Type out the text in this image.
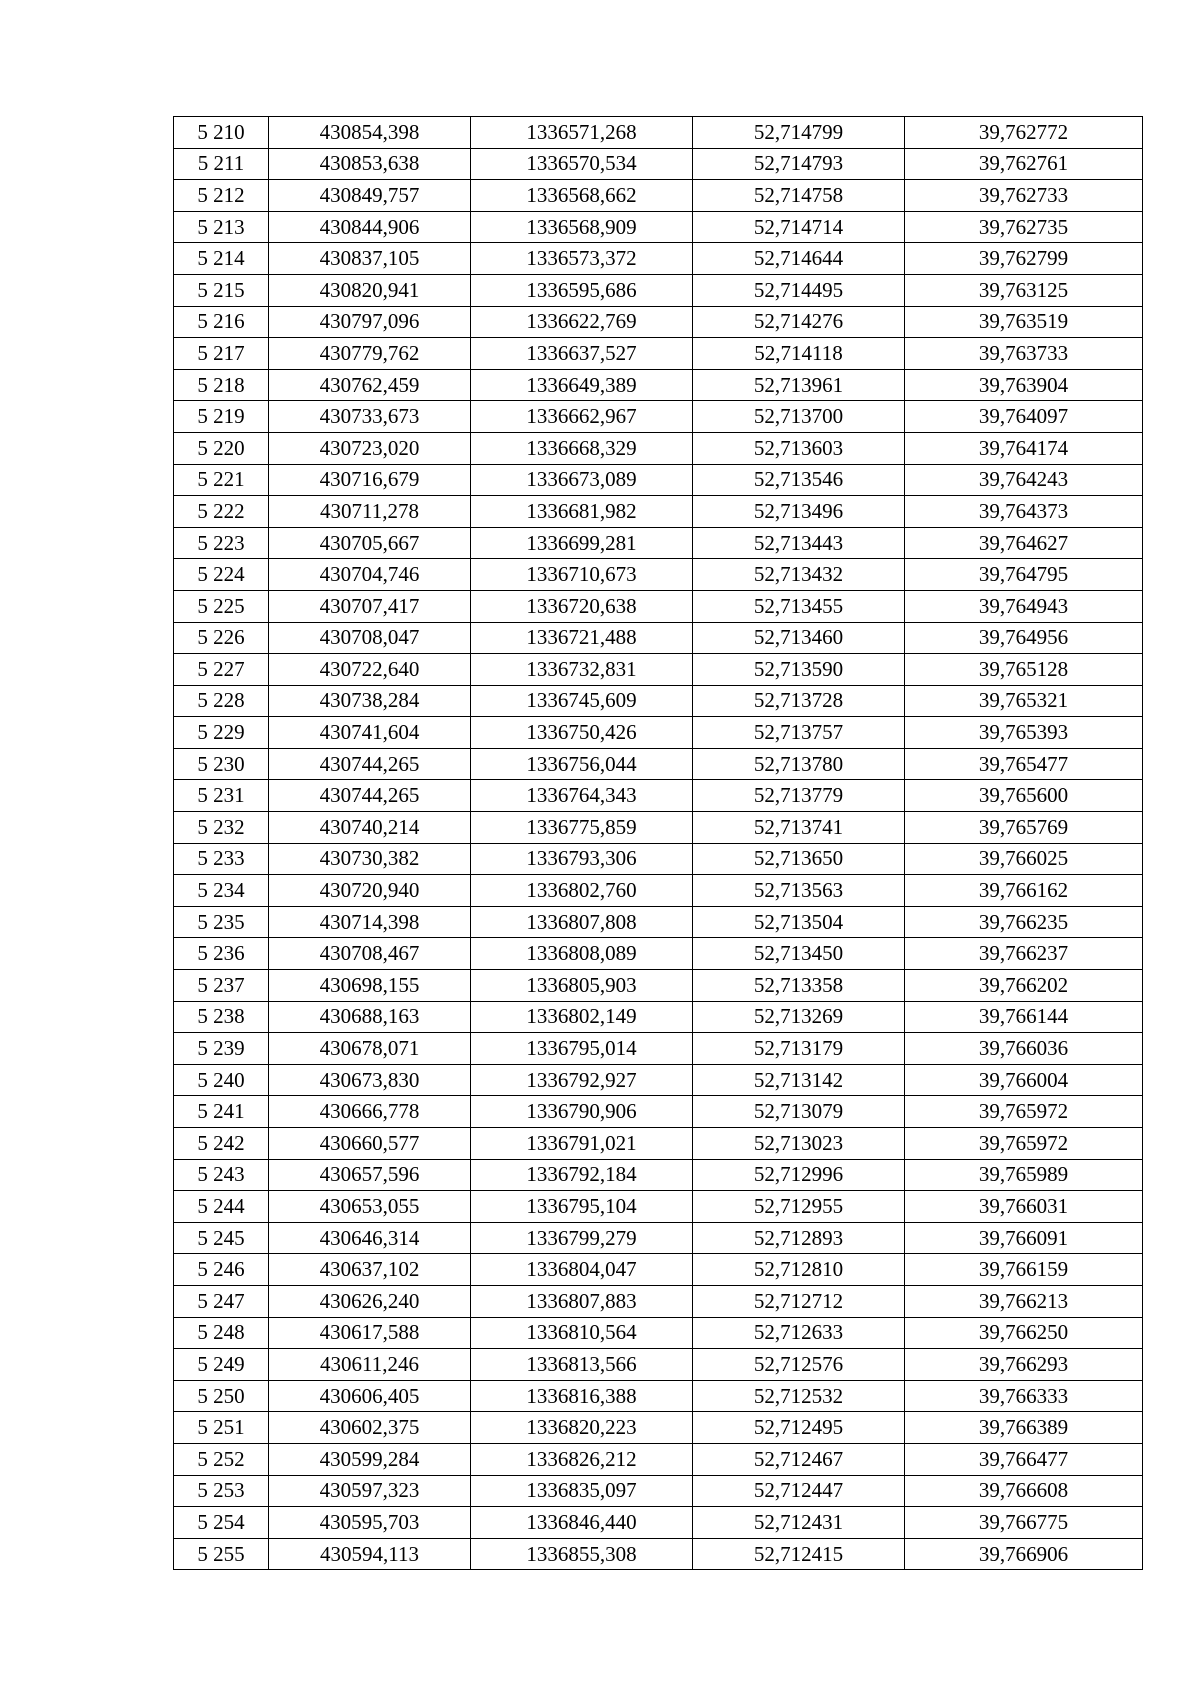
5 210	430854,398	1336571,268	52,714799	39,762772
5 211	430853,638	1336570,534	52,714793	39,762761
5 212	430849,757	1336568,662	52,714758	39,762733
5 213	430844,906	1336568,909	52,714714	39,762735
5 214	430837,105	1336573,372	52,714644	39,762799
5 215	430820,941	1336595,686	52,714495	39,763125
5 216	430797,096	1336622,769	52,714276	39,763519
5 217	430779,762	1336637,527	52,714118	39,763733
5 218	430762,459	1336649,389	52,713961	39,763904
5 219	430733,673	1336662,967	52,713700	39,764097
5 220	430723,020	1336668,329	52,713603	39,764174
5 221	430716,679	1336673,089	52,713546	39,764243
5 222	430711,278	1336681,982	52,713496	39,764373
5 223	430705,667	1336699,281	52,713443	39,764627
5 224	430704,746	1336710,673	52,713432	39,764795
5 225	430707,417	1336720,638	52,713455	39,764943
5 226	430708,047	1336721,488	52,713460	39,764956
5 227	430722,640	1336732,831	52,713590	39,765128
5 228	430738,284	1336745,609	52,713728	39,765321
5 229	430741,604	1336750,426	52,713757	39,765393
5 230	430744,265	1336756,044	52,713780	39,765477
5 231	430744,265	1336764,343	52,713779	39,765600
5 232	430740,214	1336775,859	52,713741	39,765769
5 233	430730,382	1336793,306	52,713650	39,766025
5 234	430720,940	1336802,760	52,713563	39,766162
5 235	430714,398	1336807,808	52,713504	39,766235
5 236	430708,467	1336808,089	52,713450	39,766237
5 237	430698,155	1336805,903	52,713358	39,766202
5 238	430688,163	1336802,149	52,713269	39,766144
5 239	430678,071	1336795,014	52,713179	39,766036
5 240	430673,830	1336792,927	52,713142	39,766004
5 241	430666,778	1336790,906	52,713079	39,765972
5 242	430660,577	1336791,021	52,713023	39,765972
5 243	430657,596	1336792,184	52,712996	39,765989
5 244	430653,055	1336795,104	52,712955	39,766031
5 245	430646,314	1336799,279	52,712893	39,766091
5 246	430637,102	1336804,047	52,712810	39,766159
5 247	430626,240	1336807,883	52,712712	39,766213
5 248	430617,588	1336810,564	52,712633	39,766250
5 249	430611,246	1336813,566	52,712576	39,766293
5 250	430606,405	1336816,388	52,712532	39,766333
5 251	430602,375	1336820,223	52,712495	39,766389
5 252	430599,284	1336826,212	52,712467	39,766477
5 253	430597,323	1336835,097	52,712447	39,766608
5 254	430595,703	1336846,440	52,712431	39,766775
5 255	430594,113	1336855,308	52,712415	39,766906
